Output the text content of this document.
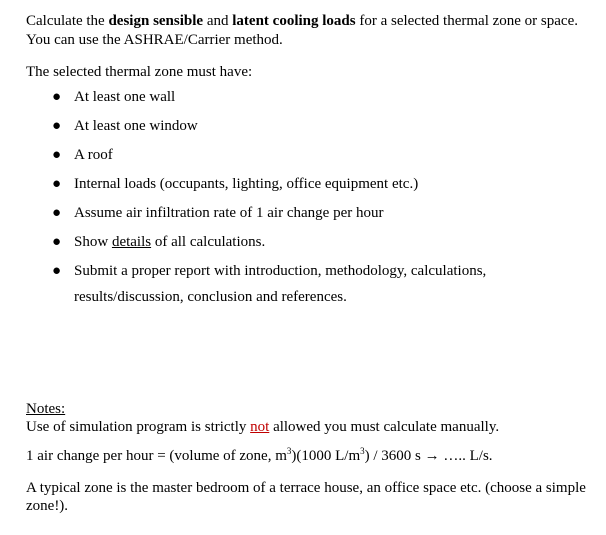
Calculate the design sensible and latent cooling loads for a selected thermal zone or space. You can use the ASHRAE/Carrier method.

The selected thermal zone must have:

● At least one wall
● At least one window
● A roof
● Internal loads (occupants, lighting, office equipment etc.)
● Assume air infiltration rate of 1 air change per hour
● Show details of all calculations.
● Submit a proper report with introduction, methodology, calculations, results/discussion, conclusion and references.

Notes:

Use of simulation program is strictly not allowed you must calculate manually.

1 air change per hour = (volume of zone, $m^3)(1000$ $L/m^3) / 3600$ s → ….. L/s.

A typical zone is the master bedroom of a terrace house, an office space etc. (choose a simple zone!).
